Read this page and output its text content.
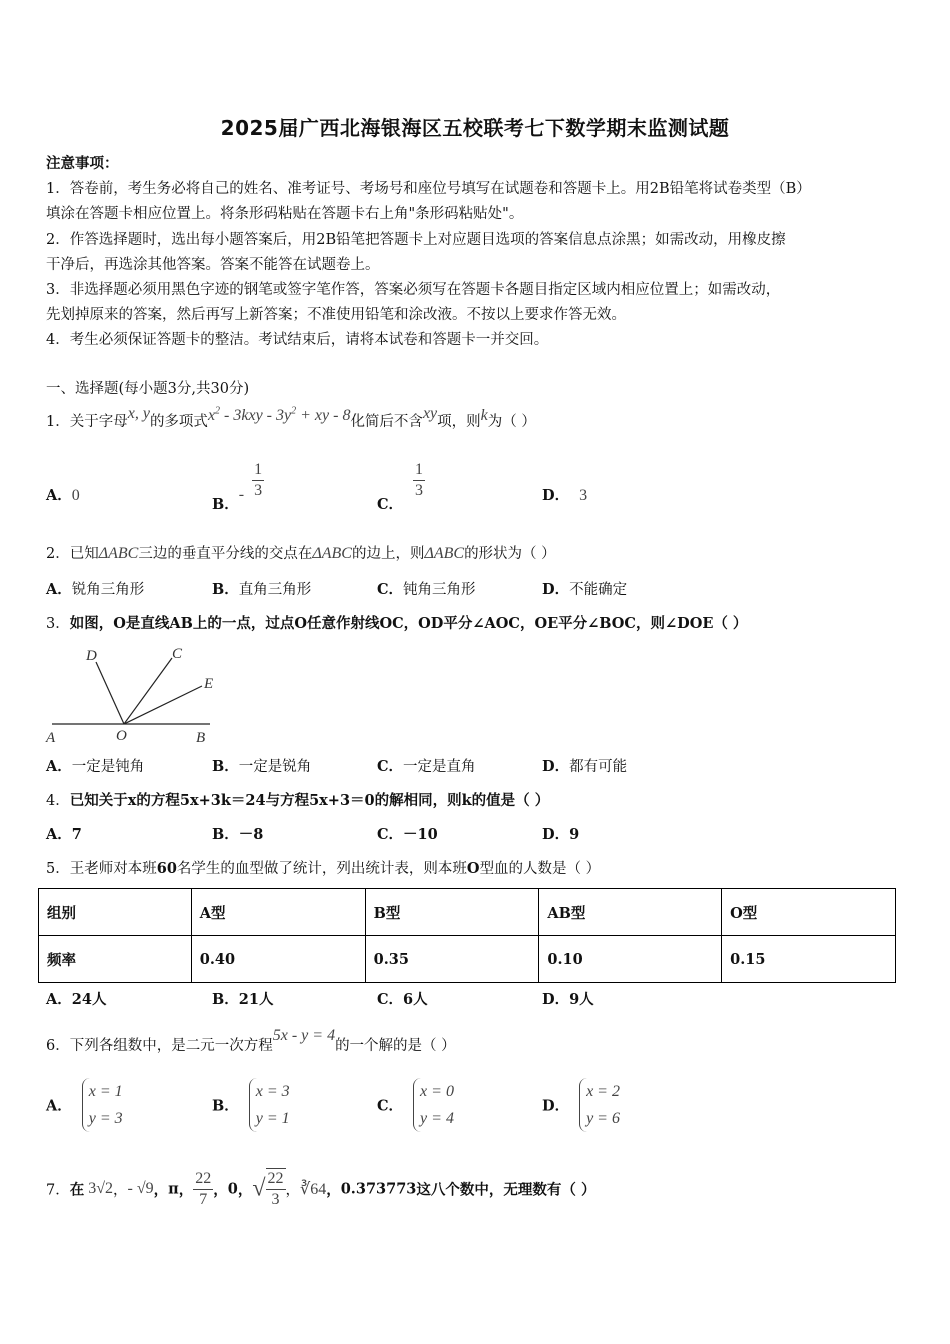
2025届广西北海银海区五校联考七下数学期末监测试题
注意事项：
1．答卷前，考生务必将自己的姓名、准考证号、考场号和座位号填写在试题卷和答题卡上。用2B铅笔将试卷类型（B）
填涂在答题卡相应位置上。将条形码粘贴在答题卡右上角"条形码粘贴处"。
2．作答选择题时，选出每小题答案后，用2B铅笔把答题卡上对应题目选项的答案信息点涂黑；如需改动，用橡皮擦
干净后，再选涂其他答案。答案不能答在试题卷上。
3．非选择题必须用黑色字迹的钢笔或签字笔作答，答案必须写在答题卡各题目指定区域内相应位置上；如需改动，
先划掉原来的答案，然后再写上新答案；不准使用铅笔和涂改液。不按以上要求作答无效。
4．考生必须保证答题卡的整洁。考试结束后，请将本试卷和答题卡一并交回。
一、选择题(每小题3分,共30分)
1．关于字母x, y的多项式$x^2 - 3kxy - 3y^2$ + xy - 8化简后不含xy项，则k为（ ）
A．0	B．- $\frac{1}{3}$
C．
$\frac{1}{3}$	D． 3
2．已知ΔABC三边的垂直平分线的交点在ΔABC的边上，则ΔABC的形状为（ ）
A．锐角三角形	B．直角三角形	C．钝角三角形	D．不能确定
3．如图，O是直线AB上的一点，过点O任意作射线OC，OD平分∠AOC，OE平分∠BOC，则∠DOE（ ）
A	O	B
C
D
E
A．一定是钝角	B．一定是锐角	C．一定是直角	D．都有可能
4．已知关于x的方程5x+3k＝24与方程5x+3＝0的解相同，则k的值是（ ）
A．7	B．－8	C．－10	D．9
5．王老师对本班60名学生的血型做了统计，列出统计表，则本班O型血的人数是（ ）
组别	A型	B型	AB型	O型
频率	0.40	0.35	0.10	0.15
A．24人	B．21人	C．6人	D．9人
6．下列各组数中，是二元一次方程5x - y = 4的一个解的是（ ）
A．x = 1
y = 3
B．x = 3
y = 1
C．x = 0
y = 4
D．x = 2
y = 6
7．在 3√2，- √9，π， $\frac{22}{7}$ ，0，√ $\frac{22}{3}$ ，∛64，0.373773这八个数中，无理数有（ ）
